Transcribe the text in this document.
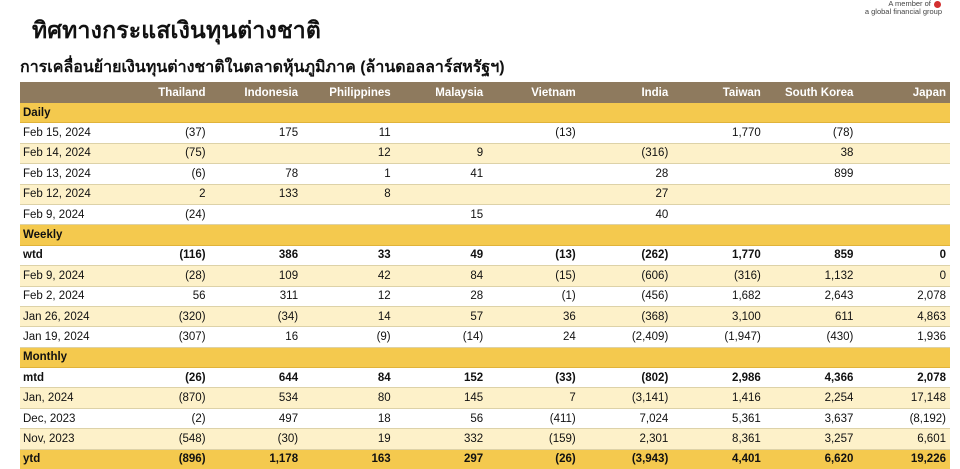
A member of
a global financial group
ทิศทางกระแสเงินทุนต่างชาติ
การเคลื่อนย้ายเงินทุนต่างชาติในตลาดหุ้นภูมิภาค (ล้านดอลลาร์สหรัฐฯ)
	Thailand	Indonesia	Philippines	Malaysia	Vietnam	India	Taiwan	South Korea	Japan
Daily									
Feb 15, 2024	(37)	175	11		(13)		1,770	(78)	
Feb 14, 2024	(75)		12	9		(316)		38	
Feb 13, 2024	(6)	78	1	41		28		899	
Feb 12, 2024	2	133	8			27			
Feb 9, 2024	(24)			15		40			
Weekly									
wtd	(116)	386	33	49	(13)	(262)	1,770	859	0
Feb 9, 2024	(28)	109	42	84	(15)	(606)	(316)	1,132	0
Feb 2, 2024	56	311	12	28	(1)	(456)	1,682	2,643	2,078
Jan 26, 2024	(320)	(34)	14	57	36	(368)	3,100	611	4,863
Jan 19, 2024	(307)	16	(9)	(14)	24	(2,409)	(1,947)	(430)	1,936
Monthly									
mtd	(26)	644	84	152	(33)	(802)	2,986	4,366	2,078
Jan, 2024	(870)	534	80	145	7	(3,141)	1,416	2,254	17,148
Dec, 2023	(2)	497	18	56	(411)	7,024	5,361	3,637	(8,192)
Nov, 2023	(548)	(30)	19	332	(159)	2,301	8,361	3,257	6,601
ytd	(896)	1,178	163	297	(26)	(3,943)	4,401	6,620	19,226
